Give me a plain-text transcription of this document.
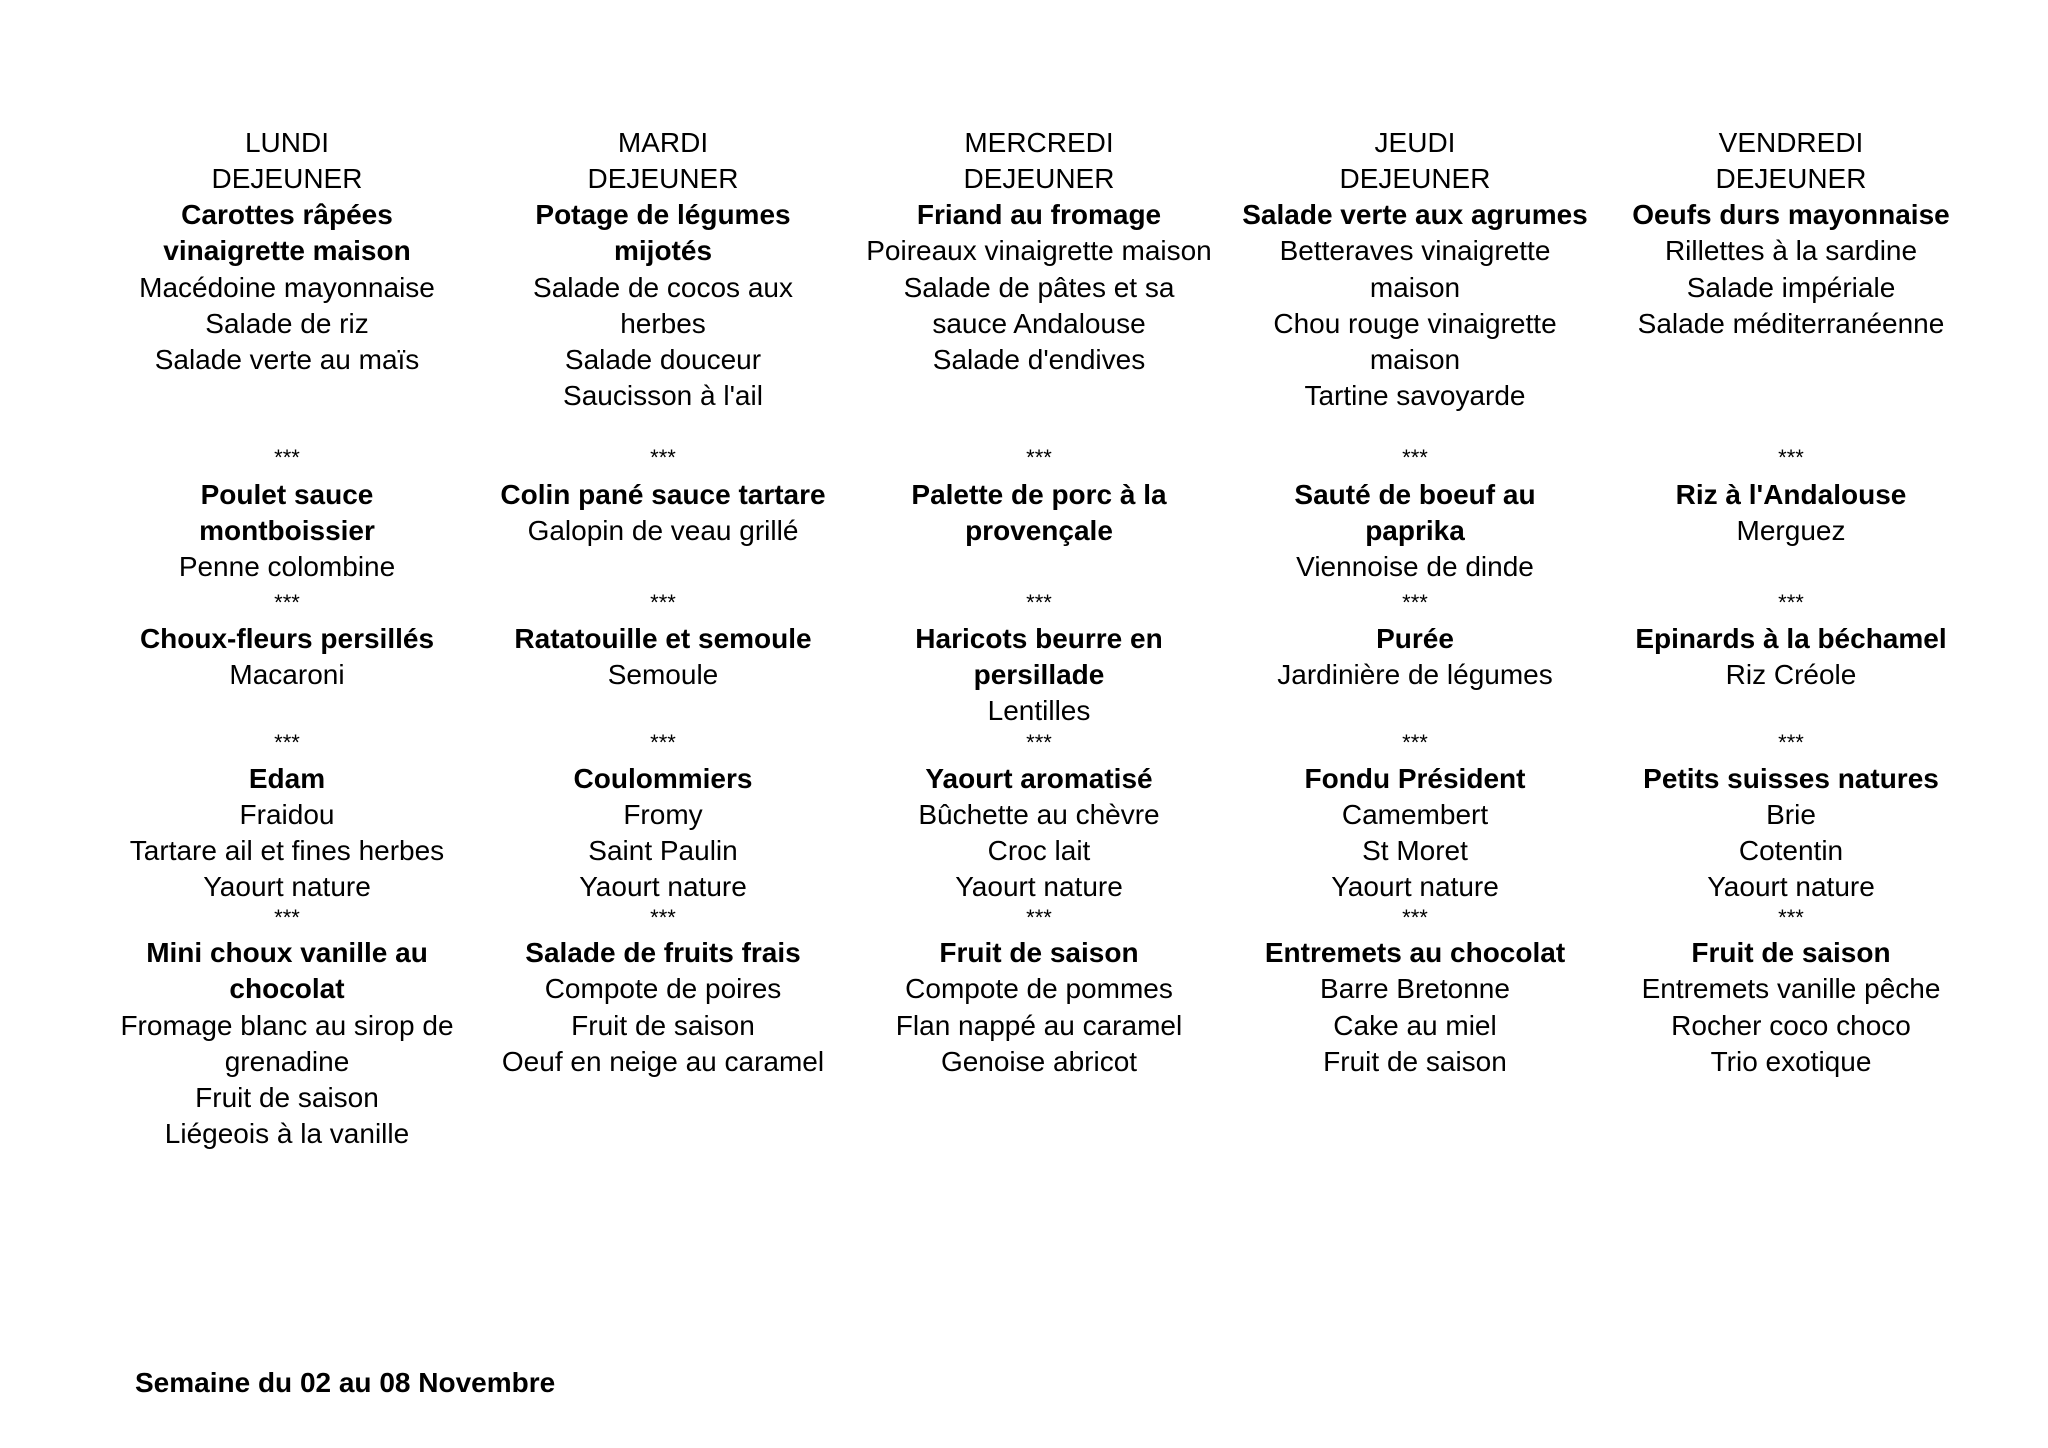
Semaine du 02 au 08 Novembre
LUNDI
DEJEUNER
Carottes râpées
vinaigrette maison
Macédoine mayonnaise
Salade de riz
Salade verte au maïs
***
Poulet sauce
montboissier
Penne colombine
***
Choux-fleurs persillés
Macaroni
***
Edam
Fraidou
Tartare ail et fines herbes
Yaourt nature
***
Mini choux vanille au
chocolat
Fromage blanc au sirop de
grenadine
Fruit de saison
Liégeois à la vanille
MARDI
DEJEUNER
Potage de légumes
mijotés
Salade de cocos aux
herbes
Salade douceur
Saucisson à l'ail
***
Colin pané sauce tartare
Galopin de veau grillé
***
Ratatouille et semoule
Semoule
***
Coulommiers
Fromy
Saint Paulin
Yaourt nature
***
Salade de fruits frais
Compote de poires
Fruit de saison
Oeuf en neige au caramel
MERCREDI
DEJEUNER
Friand au fromage
Poireaux vinaigrette maison
Salade de pâtes et sa
sauce Andalouse
Salade d'endives
***
Palette de porc à la
provençale
***
Haricots beurre en
persillade
Lentilles
***
Yaourt aromatisé
Bûchette au chèvre
Croc lait
Yaourt nature
***
Fruit de saison
Compote de pommes
Flan nappé au caramel
Genoise abricot
JEUDI
DEJEUNER
Salade verte aux agrumes
Betteraves vinaigrette
maison
Chou rouge vinaigrette
maison
Tartine savoyarde
***
Sauté de boeuf au
paprika
Viennoise de dinde
***
Purée
Jardinière de légumes
***
Fondu Président
Camembert
St Moret
Yaourt nature
***
Entremets au chocolat
Barre Bretonne
Cake au miel
Fruit de saison
VENDREDI
DEJEUNER
Oeufs durs mayonnaise
Rillettes à la sardine
Salade impériale
Salade méditerranéenne
***
Riz à l'Andalouse
Merguez
***
Epinards à la béchamel
Riz Créole
***
Petits suisses natures
Brie
Cotentin
Yaourt nature
***
Fruit de saison
Entremets vanille pêche
Rocher coco choco
Trio exotique
